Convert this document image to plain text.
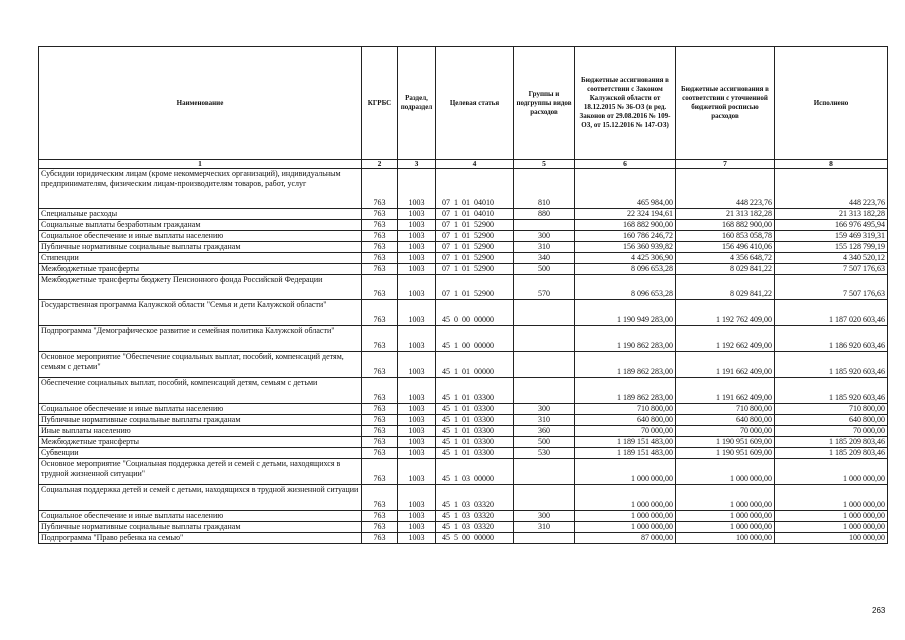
Наименование	КГРБС	Раздел, подраздел	Целевая статья	Группы и подгруппы видов расходов	Бюджетные ассигнования в соответствии с Законом Калужской области от 18.12.2015 № 36-ОЗ (в ред. Законов от 29.08.2016 № 109-ОЗ, от 15.12.2016 № 147-ОЗ)	Бюджетные ассигнования в соответствии с уточненной бюджетной росписью расходов	Исполнено
1	2	3	4	5	6	7	8
Субсидии юридическим лицам (кроме некоммерческих организаций), индивидуальным предпринимателям, физическим лицам-производителям товаров, работ, услуг	763	1003	07  1  01  04010	810	465 984,00	448 223,76	448 223,76
Специальные расходы	763	1003	07  1  01  04010	880	22 324 194,61	21 313 182,28	21 313 182,28
Социальные выплаты безработным гражданам	763	1003	07  1  01  52900		168 882 900,00	168 882 900,00	166 976 495,94
Социальное обеспечение и иные выплаты населению	763	1003	07  1  01  52900	300	160 786 246,72	160 853 058,78	159 469 319,31
Публичные нормативные социальные выплаты гражданам	763	1003	07  1  01  52900	310	156 360 939,82	156 496 410,06	155 128 799,19
Стипендии	763	1003	07  1  01  52900	340	4 425 306,90	4 356 648,72	4 340 520,12
Межбюджетные трансферты	763	1003	07  1  01  52900	500	8 096 653,28	8 029 841,22	7 507 176,63
Межбюджетные трансферты бюджету Пенсионного фонда Российской Федерации	763	1003	07  1  01  52900	570	8 096 653,28	8 029 841,22	7 507 176,63
Государственная программа Калужской области "Семья и дети Калужской области"	763	1003	45  0  00  00000		1 190 949 283,00	1 192 762 409,00	1 187 020 603,46
Подпрограмма "Демографическое развитие и семейная политика Калужской области"	763	1003	45  1  00  00000		1 190 862 283,00	1 192 662 409,00	1 186 920 603,46
Основное мероприятие "Обеспечение социальных выплат, пособий, компенсаций детям, семьям с детьми"	763	1003	45  1  01  00000		1 189 862 283,00	1 191 662 409,00	1 185 920 603,46
Обеспечение социальных выплат, пособий, компенсаций детям, семьям с детьми	763	1003	45  1  01  03300		1 189 862 283,00	1 191 662 409,00	1 185 920 603,46
Социальное обеспечение и иные выплаты населению	763	1003	45  1  01  03300	300	710 800,00	710 800,00	710 800,00
Публичные нормативные социальные выплаты гражданам	763	1003	45  1  01  03300	310	640 800,00	640 800,00	640 800,00
Иные выплаты населению	763	1003	45  1  01  03300	360	70 000,00	70 000,00	70 000,00
Межбюджетные трансферты	763	1003	45  1  01  03300	500	1 189 151 483,00	1 190 951 609,00	1 185 209 803,46
Субвенции	763	1003	45  1  01  03300	530	1 189 151 483,00	1 190 951 609,00	1 185 209 803,46
Основное мероприятие "Социальная поддержка детей и семей с детьми, находящихся в трудной жизненной ситуации"	763	1003	45  1  03  00000		1 000 000,00	1 000 000,00	1 000 000,00
Социальная поддержка детей и семей с детьми, находящихся в трудной жизненной ситуации	763	1003	45  1  03  03320		1 000 000,00	1 000 000,00	1 000 000,00
Социальное обеспечение и иные выплаты населению	763	1003	45  1  03  03320	300	1 000 000,00	1 000 000,00	1 000 000,00
Публичные нормативные социальные выплаты гражданам	763	1003	45  1  03  03320	310	1 000 000,00	1 000 000,00	1 000 000,00
Подпрограмма "Право ребенка на семью"	763	1003	45  5  00  00000		87 000,00	100 000,00	100 000,00
263
